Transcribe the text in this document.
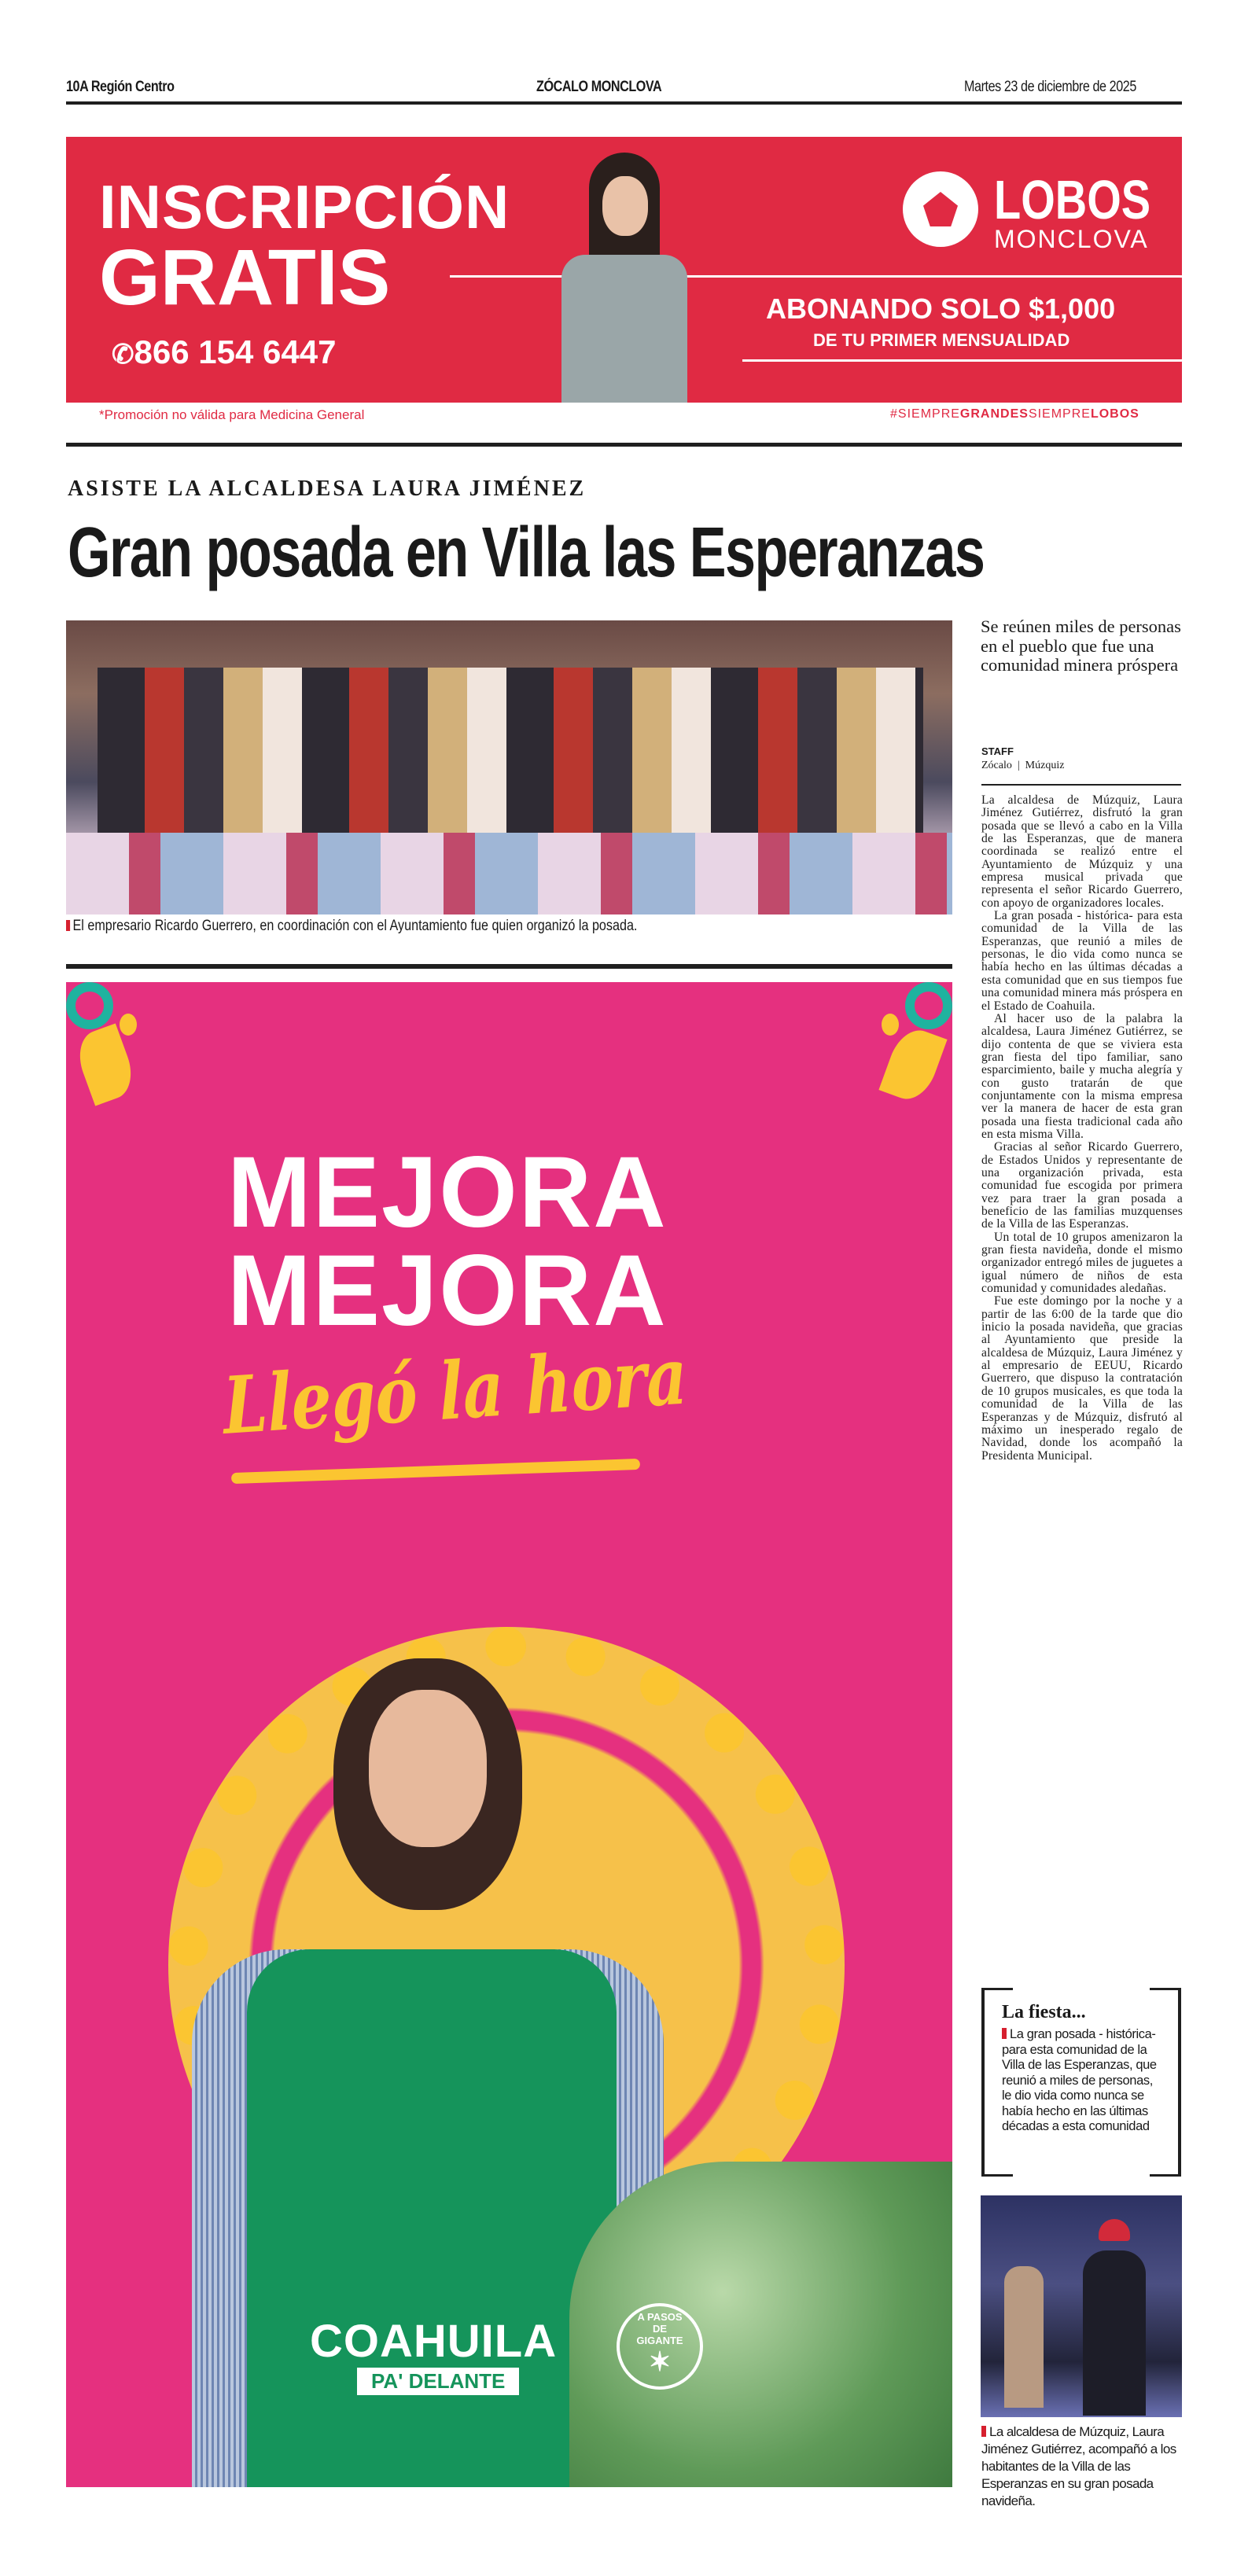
10A Región Centro	ZÓCALO MONCLOVA	Martes 23 de diciembre de 2025
INSCRIPCIÓN
GRATIS
✆866 154 6447
LOBOS
MONCLOVA
ABONANDO SOLO $1,000
DE TU PRIMER MENSUALIDAD
*Promoción no válida para Medicina General	#SIEMPREGRANDESSIEMPRELOBOS
ASISTE LA ALCALDESA LAURA JIMÉNEZ
Gran posada en Villa las Esperanzas
El empresario Ricardo Guerrero, en coordinación con el Ayuntamiento fue quien organizó la posada.
MEJORA
MEJORA
Llegó la hora
COAHUILA
PA' DELANTE
A PASOS DE GIGANTE
✶
Se reúnen miles de personas en el pueblo que fue una comunidad minera próspera
STAFF
Zócalo  |  Múzquiz

La alcaldesa de Múzquiz, Laura Jiménez Gutiérrez, disfrutó la gran posada que se llevó a cabo en la Villa de las Esperanzas, que de manera coordinada se realizó entre el Ayuntamiento de Múzquiz y una empresa musical privada que representa el señor Ricardo Guerrero, con apoyo de organizadores locales.

La gran posada - histórica- para esta comunidad de la Villa de las Esperanzas, que reunió a miles de personas, le dio vida como nunca se había hecho en las últimas décadas a esta comunidad que en sus tiempos fue una comunidad minera más próspera en el Estado de Coahuila.

Al hacer uso de la palabra la alcaldesa, Laura Jiménez Gutiérrez, se dijo contenta de que se viviera esta gran fiesta del tipo familiar, sano esparcimiento, baile y mucha alegría y con gusto tratarán de que conjuntamente con la misma empresa ver la manera de hacer de esta gran posada una fiesta tradicional cada año en esta misma Villa.

Gracias al señor Ricardo Guerrero, de Estados Unidos y representante de una organización privada, esta comunidad fue escogida por primera vez para traer la gran posada a beneficio de las familias muzquenses de la Villa de las Esperanzas.

Un total de 10 grupos amenizaron la gran fiesta navideña, donde el mismo organizador entregó miles de juguetes a igual número de niños de esta comunidad y comunidades aledañas.

Fue este domingo por la noche y a partir de las 6:00 de la tarde que dio inicio la posada navideña, que gracias al Ayuntamiento que preside la alcaldesa de Múzquiz, Laura Jiménez y al empresario de EEUU, Ricardo Guerrero, que dispuso la contratación de 10 grupos musicales, es que toda la comunidad de la Villa de las Esperanzas y de Múzquiz, disfrutó al máximo un inesperado regalo de Navidad, donde los acompañó la Presidenta Municipal.

La fiesta...
La gran posada - histórica- para esta comunidad de la Villa de las Esperanzas, que reunió a miles de personas, le dio vida como nunca se había hecho en las últimas décadas a esta comunidad
La alcaldesa de Múzquiz, Laura Jiménez Gutiérrez, acompañó a los habitantes de la Villa de las Esperanzas en su gran posada navideña.
